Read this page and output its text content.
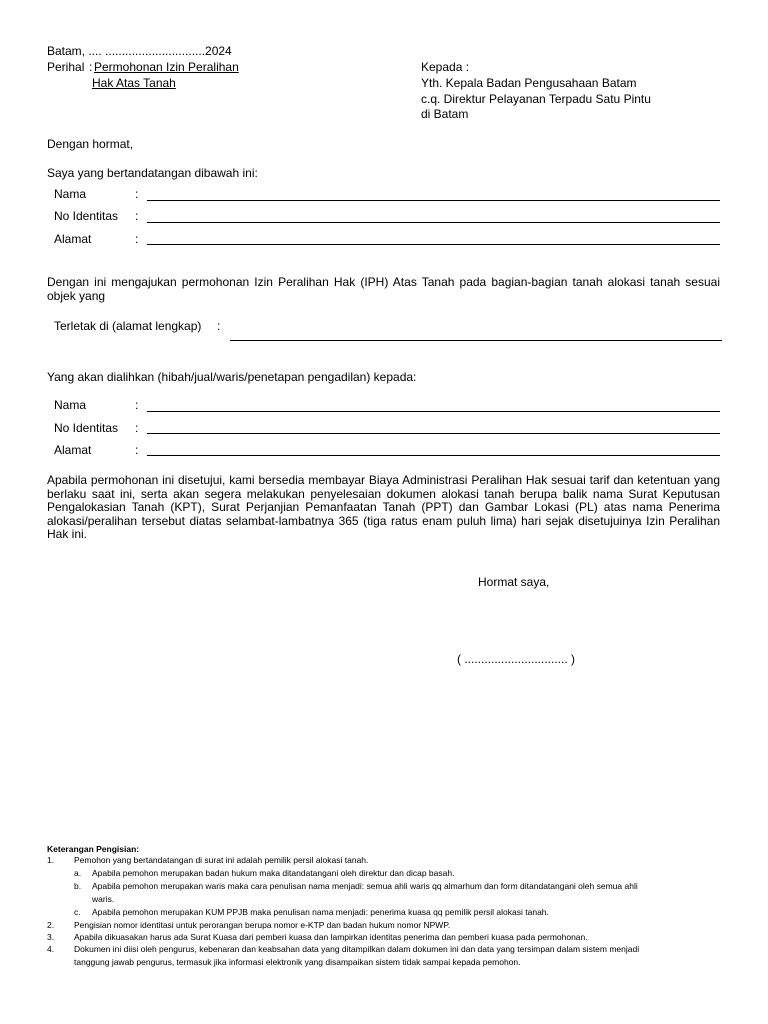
Batam, .... ..............................2024
Perihal : Permohonan Izin Peralihan
Hak Atas Tanah
Kepada :
Yth. Kepala Badan Pengusahaan Batam
c.q. Direktur Pelayanan Terpadu Satu Pintu
di Batam
Dengan hormat,
Saya yang bertandatangan dibawah ini:
Nama	:
No Identitas :
Alamat	:
Dengan ini mengajukan permohonan Izin Peralihan Hak (IPH) Atas Tanah pada bagian-bagian tanah alokasi tanah sesuai objek yang
Terletak di (alamat lengkap) :
Yang akan dialihkan (hibah/jual/waris/penetapan pengadilan) kepada:
Nama	:
No Identitas :
Alamat	:
Apabila permohonan ini disetujui, kami bersedia membayar Biaya Administrasi Peralihan Hak sesuai tarif dan ketentuan yang berlaku saat ini, serta akan segera melakukan penyelesaian dokumen alokasi tanah berupa balik nama Surat Keputusan Pengalokasian Tanah (KPT), Surat Perjanjian Pemanfaatan Tanah (PPT) dan Gambar Lokasi (PL) atas nama Penerima alokasi/peralihan tersebut diatas selambat-lambatnya 365 (tiga ratus enam puluh lima) hari sejak disetujuinya Izin Peralihan Hak ini.
Hormat saya,
( ............................... )
Keterangan Pengisian:
1. Pemohon yang bertandatangan di surat ini adalah pemilik persil alokasi tanah.
a. Apabila pemohon merupakan badan hukum maka ditandatangani oleh direktur dan dicap basah.
b. Apabila pemohon merupakan waris maka cara penulisan nama menjadi: semua ahli waris qq almarhum dan form ditandatangani oleh semua ahli
waris.
c. Apabila pemohon merupakan KUM PPJB maka penulisan nama menjadi: penerima kuasa qq pemilik persil alokasi tanah.
2. Pengisian nomor identitasi untuk perorangan berupa nomor e-KTP dan badan hukum nomor NPWP.
3. Apabila dikuasakan harus ada Surat Kuasa dari pemberi kuasa dan lampirkan identitas penerima dan pemberi kuasa pada permohonan.
4. Dokumen ini diisi oleh pengurus, kebenaran dan keabsahan data yang ditampilkan dalam dokumen ini dan data yang tersimpan dalam sistem menjadi
tanggung jawab pengurus, termasuk jika informasi elektronik yang disampaikan sistem tidak sampai kepada pemohon.
